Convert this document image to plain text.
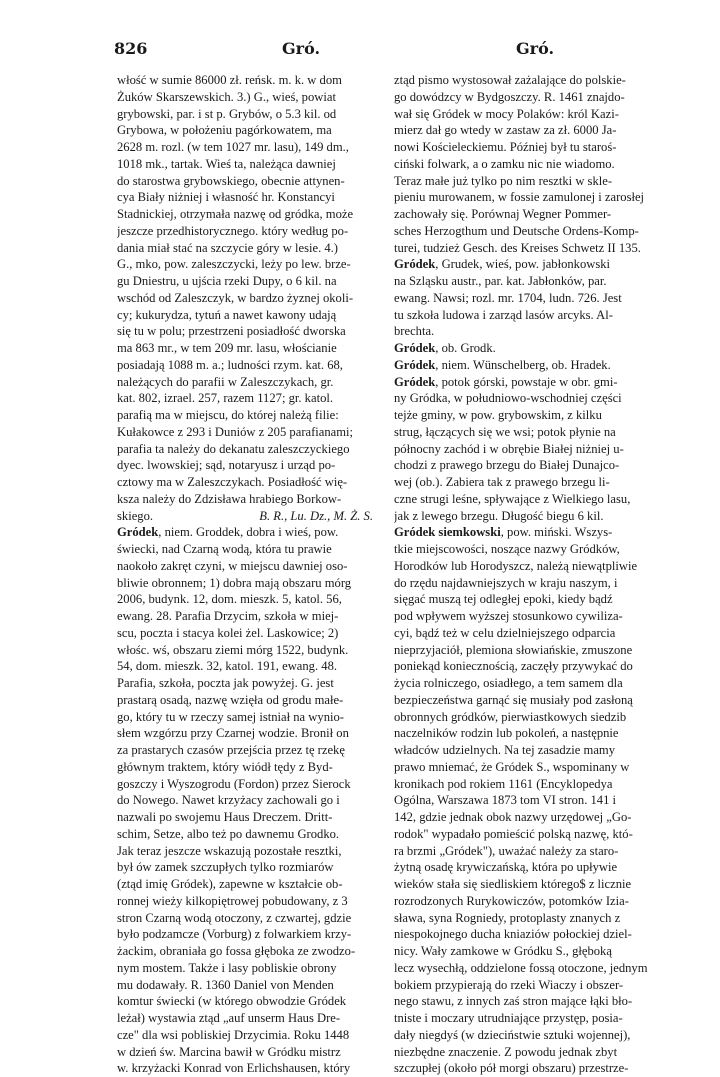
826	Gró.	Gró.
włość w sumie 86000 zł. reńsk. m. k. w dom
Żuków Skarszewskich. 3.) G., wieś, powiat
grybowski, par. i st p. Grybów, o 5.3 kil. od
Grybowa, w położeniu pagórkowatem, ma
2628 m. rozl. (w tem 1027 mr. lasu), 149 dm.,
1018 mk., tartak. Wieś ta, należąca dawniej
do starostwa grybowskiego, obecnie attynen-
cya Biały niżniej i własność hr. Konstancyi
Stadnickiej, otrzymała nazwę od gródka, może
jeszcze przedhistorycznego. który według po-
dania miał stać na szczycie góry w lesie. 4.)
G., mko, pow. zaleszczycki, leży po lew. brze-
gu Dniestru, u ujścia rzeki Dupy, o 6 kil. na
wschód od Zaleszczyk, w bardzo żyznej okoli-
cy; kukurydza, tytuń a nawet kawony udają
się tu w polu; przestrzeni posiadłość dworska
ma 863 mr., w tem 209 mr. lasu, włościanie
posiadają 1088 m. a.; ludności rzym. kat. 68,
należących do parafii w Zaleszczykach, gr.
kat. 802, izrael. 257, razem 1127; gr. katol.
parafią ma w miejscu, do której należą filie:
Kułakowce z 293 i Duniów z 205 parafianami;
parafia ta należy do dekanatu zaleszczyckiego
dyec. lwowskiej; sąd, notaryusz i urząd po-
cztowy ma w Zaleszczykach. Posiadłość wię-
ksza należy do Zdzisława hrabiego Borkow-
skiego.	B. R., Lu. Dz., M. Ż. S.
Gródek, niem. Groddek, dobra i wieś, pow.
świecki, nad Czarną wodą, która tu prawie
naokoło zakręt czyni, w miejscu dawniej oso-
bliwie obronnem; 1) dobra mają obszaru mórg
2006, budynk. 12, dom. mieszk. 5, katol. 56,
ewang. 28. Parafia Drzycim, szkoła w miej-
scu, poczta i stacya kolei żel. Laskowice; 2)
włośc. wś, obszaru ziemi mórg 1522, budynk.
54, dom. mieszk. 32, katol. 191, ewang. 48.
Parafia, szkoła, poczta jak powyżej. G. jest
prastarą osadą, nazwę wzięła od grodu małe-
go, który tu w rzeczy samej istniał na wynio-
słem wzgórzu przy Czarnej wodzie. Bronił on
za prastarych czasów przejścia przez tę rzekę
głównym traktem, który wiódł tędy z Byd-
goszczy i Wyszogrodu (Fordon) przez Sierock
do Nowego. Nawet krzyżacy zachowali go i
nazwali po swojemu Haus Dreczem. Dritt-
schim, Setze, albo też po dawnemu Grodko.
Jak teraz jeszcze wskazują pozostałe resztki,
był ów zamek szczupłych tylko rozmiarów
(ztąd imię Gródek), zapewne w kształcie ob-
ronnej wieży kilkopiętrowej pobudowany, z 3
stron Czarną wodą otoczony, z czwartej, gdzie
było podzamcze (Vorburg) z folwarkiem krzy-
żackim, obraniała go fossa głęboka ze zwodzo-
nym mostem. Także i lasy pobliskie obrony
mu dodawały. R. 1360 Daniel von Menden
komtur świecki (w którego obwodzie Gródek
leżał) wystawia ztąd „auf unserm Haus Dre-
cze" dla wsi pobliskiej Drzycimia. Roku 1448
w dzień św. Marcina bawił w Gródku mistrz
w. krzyżacki Konrad von Erlichshausen, który
ztąd pismo wystosował zażalające do polskie-
go dowódzcy w Bydgoszczy. R. 1461 znajdo-
wał się Gródek w mocy Polaków: król Kazi-
mierz dał go wtedy w zastaw za zł. 6000 Ja-
nowi Kościeleckiemu. Później był tu staroś-
ciński folwark, a o zamku nic nie wiadomo.
Teraz małe już tylko po nim resztki w skle-
pieniu murowanem, w fossie zamulonej i zarosłej
zachowały się. Porównaj Wegner Pommer-
sches Herzogthum und Deutsche Ordens-Komp-
turei, tudzież Gesch. des Kreises Schwetz II 135.
Gródek, Grudek, wieś, pow. jabłonkowski
na Szląsku austr., par. kat. Jabłonków, par.
ewang. Nawsi; rozl. mr. 1704, ludn. 726. Jest
tu szkoła ludowa i zarząd lasów arcyks. Al-
brechta.
Gródek, ob. Grodk.
Gródek, niem. Wünschelberg, ob. Hradek.
Gródek, potok górski, powstaje w obr. gmi-
ny Gródka, w południowo-wschodniej części
tejże gminy, w pow. grybowskim, z kilku
strug, łączących się we wsi; potok płynie na
północny zachód i w obrębie Białej niżniej u-
chodzi z prawego brzegu do Białej Dunajco-
wej (ob.). Zabiera tak z prawego brzegu li-
czne strugi leśne, spływające z Wielkiego lasu,
jak z lewego brzegu. Długość biegu 6 kil.
Gródek siemkowski, pow. miński. Wszys-
tkie miejscowości, noszące nazwy Gródków,
Horodków lub Horodyszcz, należą niewątpliwie
do rzędu najdawniejszych w kraju naszym, i
sięgać muszą tej odległej epoki, kiedy bądź
pod wpływem wyższej stosunkowo cywiliza-
cyi, bądź też w celu dzielniejszego odparcia
nieprzyjaciół, plemiona słowiańskie, zmuszone
poniekąd koniecznością, zaczęły przywykać do
życia rolniczego, osiadłego, a tem samem dla
bezpieczeństwa garnąć się musiały pod zasłoną
obronnych gródków, pierwiastkowych siedzib
naczelników rodzin lub pokoleń, a następnie
władców udzielnych. Na tej zasadzie mamy
prawo mniemać, że Gródek S., wspominany w
kronikach pod rokiem 1161 (Encyklopedya
Ogólna, Warszawa 1873 tom VI stron. 141 i
142, gdzie jednak obok nazwy urzędowej „Go-
rodok" wypadało pomieścić polską nazwę, któ-
ra brzmi „Gródek"), uważać należy za staro-
żytną osadę krywiczańską, która po upływie
wieków stała się siedliskiem którego$ z licznie
rozrodzonych Rurykowiczów, potomków Izia-
sława, syna Rogniedy, protoplasty znanych z
niespokojnego ducha kniaziów połockiej dziel-
nicy. Wały zamkowe w Gródku S., głęboką
lecz wysechłą, oddzielone fossą otoczone, jednym
bokiem przypierają do rzeki Wiaczy i obszer-
nego stawu, z innych zaś stron mające łąki bło-
tniste i moczary utrudniające przystęp, posia-
dały niegdyś (w dzieciństwie sztuki wojennej),
niezbędne znaczenie. Z powodu jednak zbyt
szczupłej (około pół morgi obszaru) przestrze-
